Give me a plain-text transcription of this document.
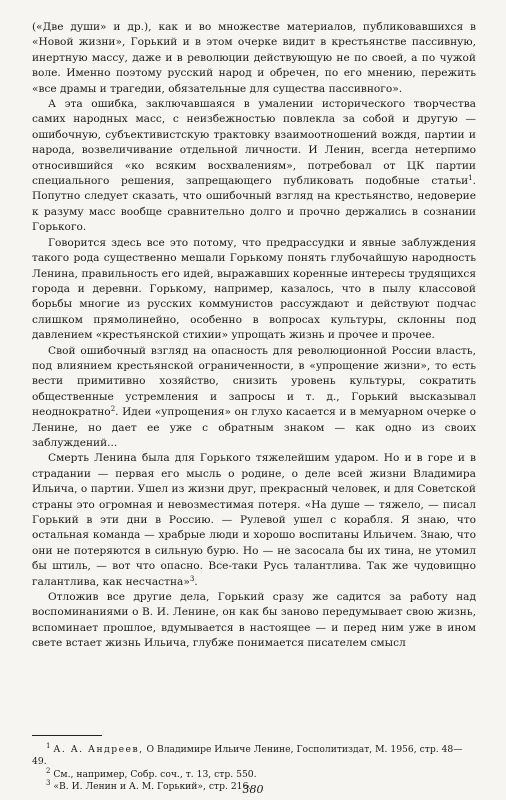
(«Две души» и др.), как и во множестве материалов, публиковавшихся в «Новой жизни», Горький и в этом очерке видит в крестьянстве пассивную, инертную массу, даже и в революции действующую не по своей, а по чужой воле. Именно поэтому русский народ и обречен, по его мнению, пережить «все драмы и трагедии, обязательные для существа пассивного».

А эта ошибка, заключавшаяся в умалении исторического творчества самих народных масс, с неизбежностью повлекла за собой и другую — ошибочную, субъективистскую трактовку взаимоотношений вождя, партии и народа, возвеличивание отдельной личности. И Ленин, всегда нетерпимо относившийся «ко всяким восхвалениям», потребовал от ЦК партии специального решения, запрещающего публиковать подобные статьи$^1$. Попутно следует сказать, что ошибочный взгляд на крестьянство, недоверие к разуму масс вообще сравнительно долго и прочно держались в сознании Горького.

Говорится здесь все это потому, что предрассудки и явные заблуждения такого рода существенно мешали Горькому понять глубочайшую народность Ленина, правильность его идей, выражавших коренные интересы трудящихся города и деревни. Горькому, например, казалось, что в пылу классовой борьбы многие из русских коммунистов рассуждают и действуют подчас слишком прямолинейно, особенно в вопросах культуры, склонны под давлением «крестьянской стихии» упрощать жизнь и прочее и прочее.

Свой ошибочный взгляд на опасность для революционной России власть, под влиянием крестьянской ограниченности, в «упрощение жизни», то есть вести примитивно хозяйство, снизить уровень культуры, сократить общественные устремления и запросы и т. д., Горький высказывал неоднократно$^2$. Идеи «упрощения» он глухо касается и в мемуарном очерке о Ленине, но дает ее уже с обратным знаком — как одно из своих заблуждений...

Смерть Ленина была для Горького тяжелейшим ударом. Но и в горе и в страдании — первая его мысль о родине, о деле всей жизни Владимира Ильича, о партии. Ушел из жизни друг, прекрасный человек, и для Советской страны это огромная и невозместимая потеря. «На душе — тяжело, — писал Горький в эти дни в Россию. — Рулевой ушел с корабля. Я знаю, что остальная команда — храбрые люди и хорошо воспитаны Ильичем. Знаю, что они не потеряются в сильную бурю. Но — не засосала бы их тина, не утомил бы штиль, — вот что опасно. Все-таки Русь талантлива. Так же чудовищно галантлива, как несчастна»$^3$.

Отложив все другие дела, Горький сразу же садится за работу над воспоминаниями о В. И. Ленине, он как бы заново передумывает свою жизнь, вспоминает прошлое, вдумывается в настоящее — и перед ним уже в ином свете встает жизнь Ильича, глубже понимается писателем смысл

$^1$ А. А. Андреев, О Владимире Ильиче Ленине, Госполитиздат, М. 1956, стр. 48—49.
$^2$ См., например, Собр. соч., т. 13, стр. 550.
$^3$ «В. И. Ленин и А. М. Горький», стр. 216.
380
